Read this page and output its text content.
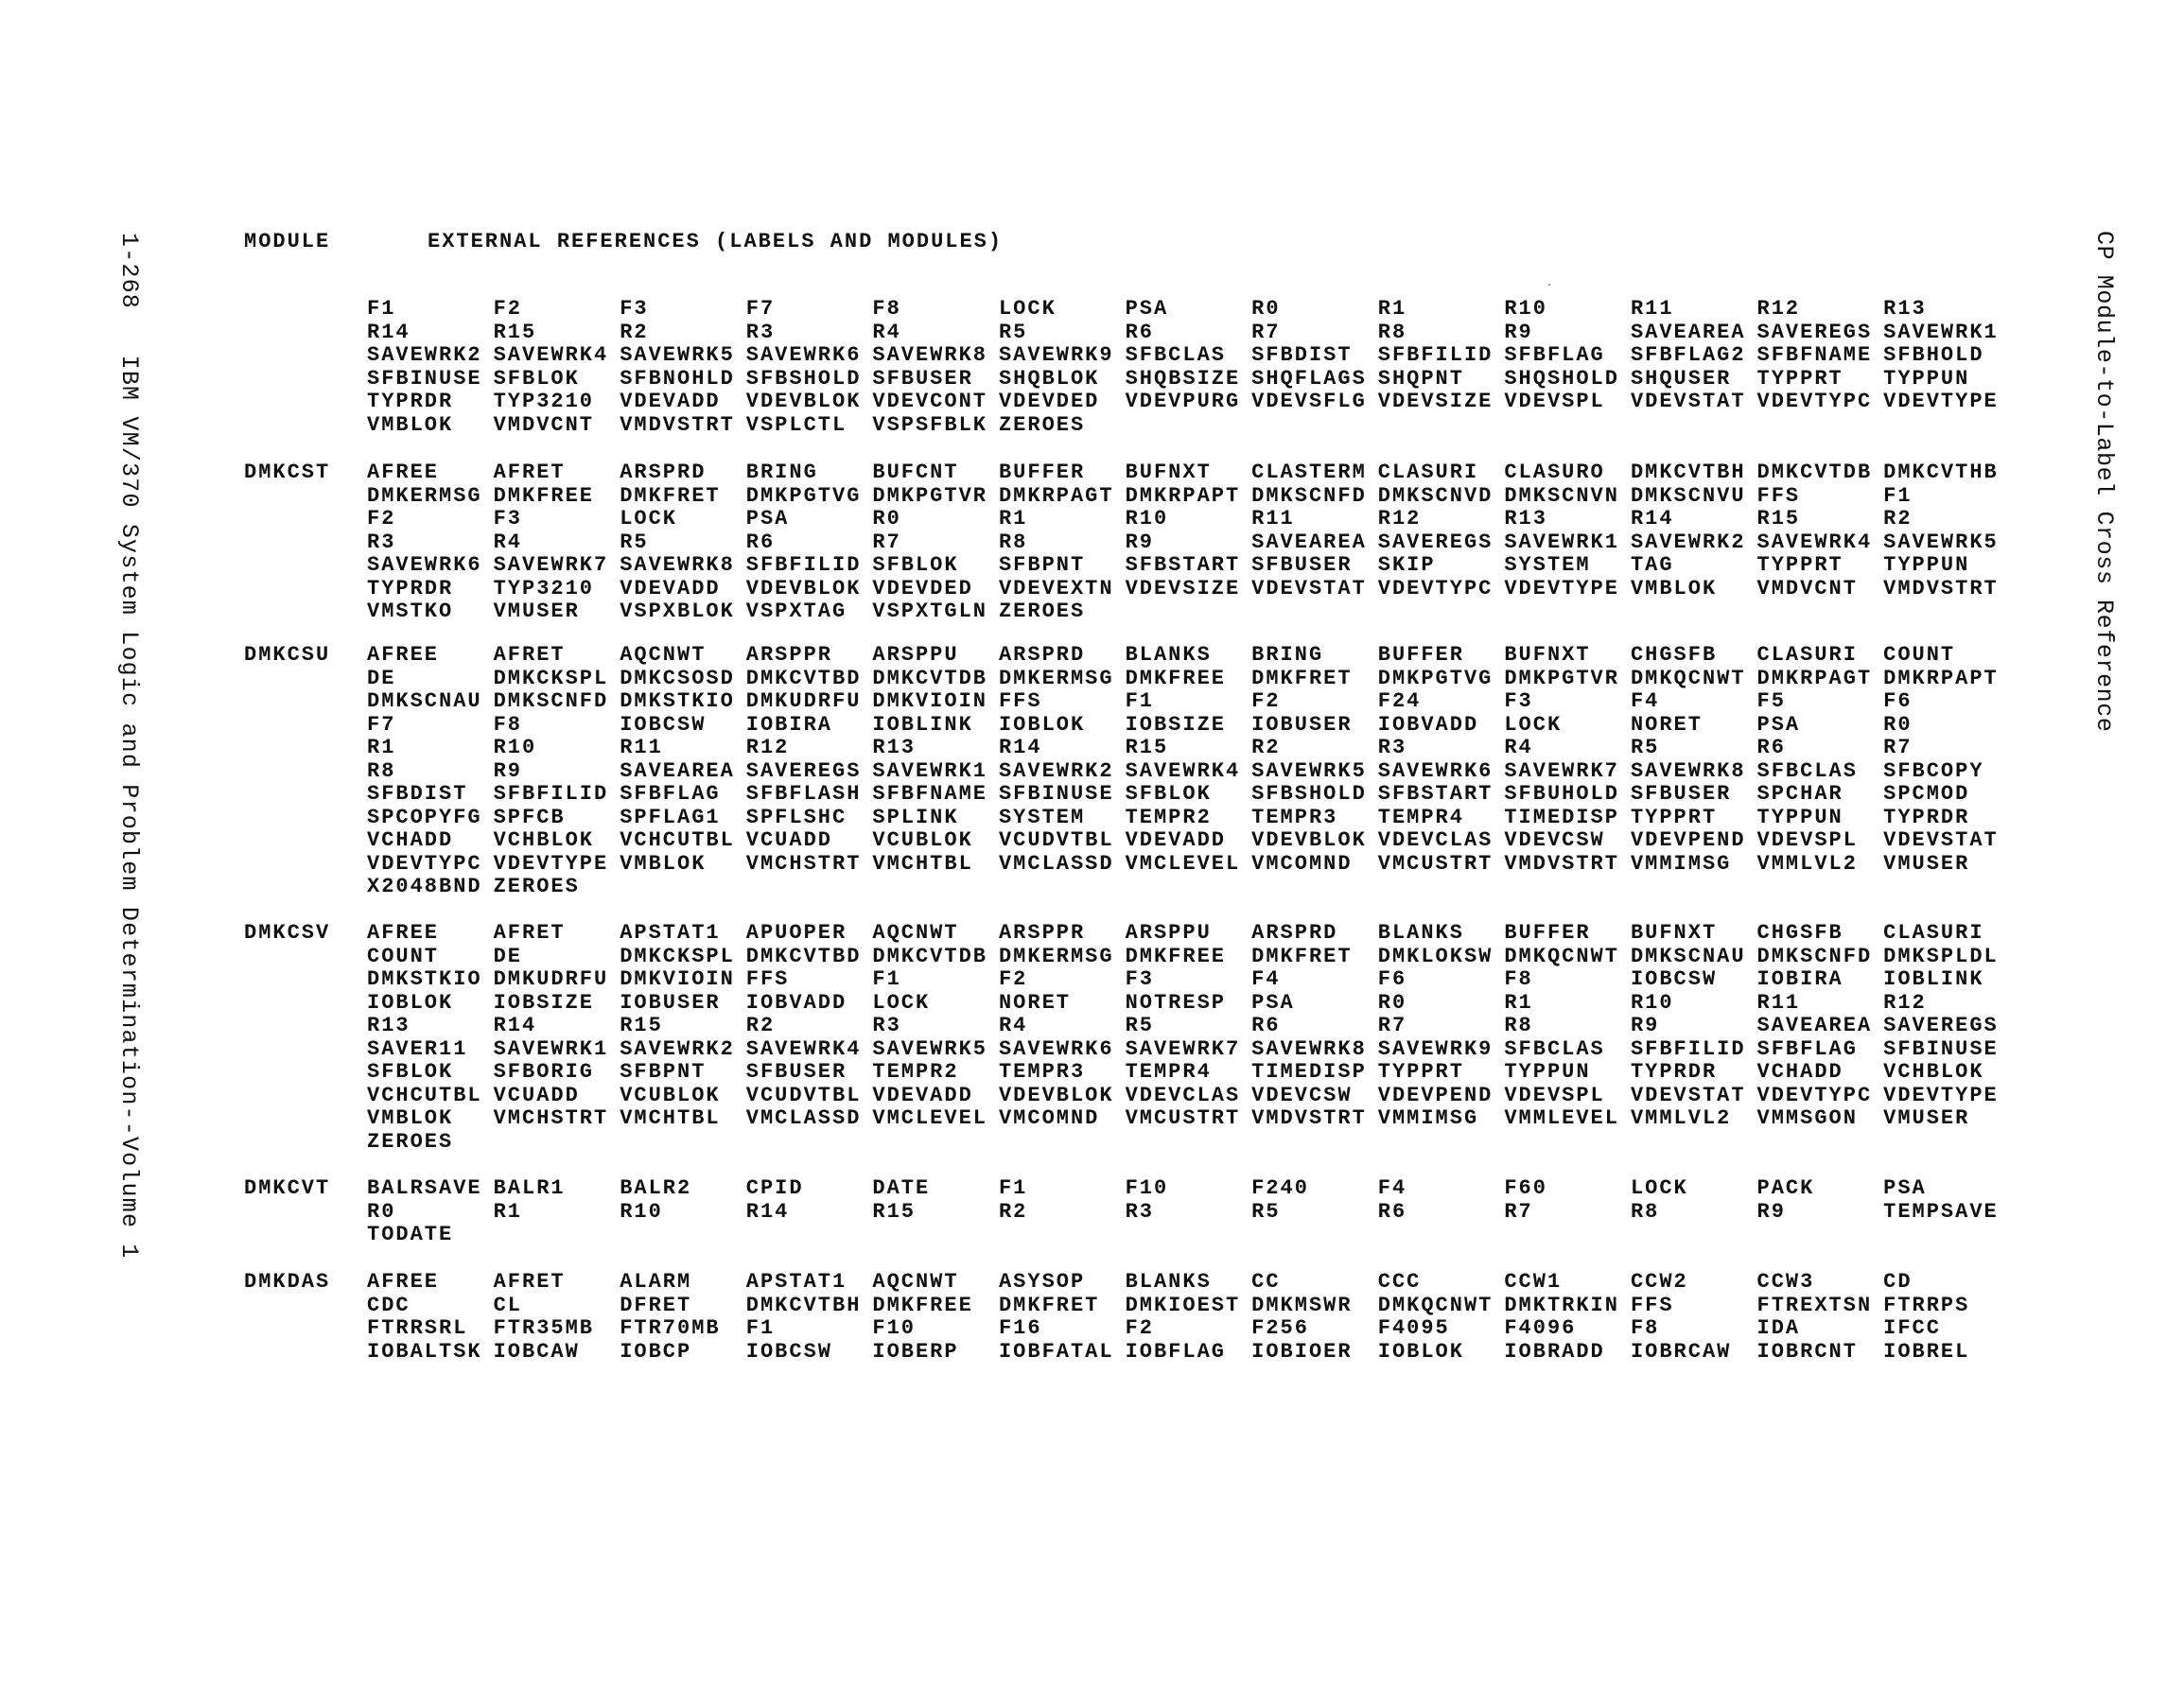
1-268   IBM VM/370 System Logic and Problem Determination--Volume 1	CP Module-to-Label Cross Reference
MODULE	EXTERNAL REFERENCES (LABELS AND MODULES)

F1	F2	F3	F7	F8	LOCK	PSA	R0	R1	R10	R11	R12	R13
R14	R15	R2	R3	R4	R5	R6	R7	R8	R9	SAVEAREA SAVEREGS SAVEWRK1
SAVEWRK2 SAVEWRK4 SAVEWRK5 SAVEWRK6 SAVEWRK8 SAVEWRK9 SFBCLAS	SFBDIST	SFBFILID SFBFLAG	SFBFLAG2 SFBFNAME SFBHOLD
SFBINUSE SFBLOK	SFBNOHLD SFBSHOLD SFBUSER	SHQBLOK	SHQBSIZE SHQFLAGS SHQPNT	SHQSHOLD SHQUSER	TYPPRT	TYPPUN
TYPRDR	TYP3210	VDEVADD	VDEVBLOK VDEVCONT VDEVDED	VDEVPURG VDEVSFLG VDEVSIZE VDEVSPL	VDEVSTAT VDEVTYPC VDEVTYPE
VMBLOK	VMDVCNT	VMDVSTRT VSPLCTL	VSPSFBLK ZEROES

DMKCST

AFREE	AFRET	ARSPRD	BRING	BUFCNT	BUFFER	BUFNXT	CLASTERM CLASURI	CLASURO	DMKCVTBH DMKCVTDB DMKCVTHB
DMKERMSG DMKFREE	DMKFRET	DMKPGTVG DMKPGTVR DMKRPAGT DMKRPAPT DMKSCNFD DMKSCNVD DMKSCNVN DMKSCNVU FFS	F1
F2	F3	LOCK	PSA	R0	R1	R10	R11	R12	R13	R14	R15	R2
R3	R4	R5	R6	R7	R8	R9	SAVEAREA SAVEREGS SAVEWRK1 SAVEWRK2 SAVEWRK4 SAVEWRK5
SAVEWRK6 SAVEWRK7 SAVEWRK8 SFBFILID SFBLOK	SFBPNT	SFBSTART SFBUSER	SKIP	SYSTEM	TAG	TYPPRT	TYPPUN
TYPRDR	TYP3210	VDEVADD	VDEVBLOK VDEVDED	VDEVEXTN VDEVSIZE VDEVSTAT VDEVTYPC VDEVTYPE VMBLOK	VMDVCNT	VMDVSTRT
VMSTKO	VMUSER	VSPXBLOK VSPXTAG	VSPXTGLN ZEROES

DMKCSU

AFREE	AFRET	AQCNWT	ARSPPR	ARSPPU	ARSPRD	BLANKS	BRING	BUFFER	BUFNXT	CHGSFB	CLASURI	COUNT
DE	DMKCKSPL DMKCSOSD DMKCVTBD DMKCVTDB DMKERMSG DMKFREE	DMKFRET	DMKPGTVG DMKPGTVR DMKQCNWT DMKRPAGT DMKRPAPT
DMKSCNAU DMKSCNFD DMKSTKIO DMKUDRFU DMKVIOIN FFS	F1	F2	F24	F3	F4	F5	F6
F7	F8	IOBCSW	IOBIRA	IOBLINK	IOBLOK	IOBSIZE	IOBUSER	IOBVADD	LOCK	NORET	PSA	R0
R1	R10	R11	R12	R13	R14	R15	R2	R3	R4	R5	R6	R7
R8	R9	SAVEAREA SAVEREGS SAVEWRK1 SAVEWRK2 SAVEWRK4 SAVEWRK5 SAVEWRK6 SAVEWRK7 SAVEWRK8 SFBCLAS	SFBCOPY
SFBDIST	SFBFILID SFBFLAG	SFBFLASH SFBFNAME SFBINUSE SFBLOK	SFBSHOLD SFBSTART SFBUHOLD SFBUSER	SPCHAR	SPCMOD
SPCOPYFG SPFCB	SPFLAG1	SPFLSHC	SPLINK	SYSTEM	TEMPR2	TEMPR3	TEMPR4	TIMEDISP TYPPRT	TYPPUN	TYPRDR
VCHADD	VCHBLOK	VCHCUTBL VCUADD	VCUBLOK	VCUDVTBL VDEVADD	VDEVBLOK VDEVCLAS VDEVCSW	VDEVPEND VDEVSPL	VDEVSTAT
VDEVTYPC VDEVTYPE VMBLOK	VMCHSTRT VMCHTBL	VMCLASSD VMCLEVEL VMCOMND	VMCUSTRT VMDVSTRT VMMIMSG	VMMLVL2	VMUSER
X2048BND ZEROES

DMKCSV

AFREE	AFRET	APSTAT1	APUOPER	AQCNWT	ARSPPR	ARSPPU	ARSPRD	BLANKS	BUFFER	BUFNXT	CHGSFB	CLASURI
COUNT	DE	DMKCKSPL DMKCVTBD DMKCVTDB DMKERMSG DMKFREE	DMKFRET	DMKLOKSW DMKQCNWT DMKSCNAU DMKSCNFD DMKSPLDL
DMKSTKIO DMKUDRFU DMKVIOIN FFS	F1	F2	F3	F4	F6	F8	IOBCSW	IOBIRA	IOBLINK
IOBLOK	IOBSIZE	IOBUSER	IOBVADD	LOCK	NORET	NOTRESP	PSA	R0	R1	R10	R11	R12
R13	R14	R15	R2	R3	R4	R5	R6	R7	R8	R9	SAVEAREA SAVEREGS
SAVER11	SAVEWRK1 SAVEWRK2 SAVEWRK4 SAVEWRK5 SAVEWRK6 SAVEWRK7 SAVEWRK8 SAVEWRK9 SFBCLAS	SFBFILID SFBFLAG	SFBINUSE
SFBLOK	SFBORIG	SFBPNT	SFBUSER	TEMPR2	TEMPR3	TEMPR4	TIMEDISP TYPPRT	TYPPUN	TYPRDR	VCHADD	VCHBLOK
VCHCUTBL VCUADD	VCUBLOK	VCUDVTBL VDEVADD	VDEVBLOK VDEVCLAS VDEVCSW	VDEVPEND VDEVSPL	VDEVSTAT VDEVTYPC VDEVTYPE
VMBLOK	VMCHSTRT VMCHTBL	VMCLASSD VMCLEVEL VMCOMND	VMCUSTRT VMDVSTRT VMMIMSG	VMMLEVEL VMMLVL2	VMMSGON	VMUSER
ZEROES

DMKCVT

BALRSAVE BALR1	BALR2	CPID	DATE	F1	F10	F240	F4	F60	LOCK	PACK	PSA
R0	R1	R10	R14	R15	R2	R3	R5	R6	R7	R8	R9	TEMPSAVE
TODATE

DMKDAS

AFREE	AFRET	ALARM	APSTAT1	AQCNWT	ASYSOP	BLANKS	CC	CCC	CCW1	CCW2	CCW3	CD
CDC	CL	DFRET	DMKCVTBH DMKFREE	DMKFRET	DMKIOEST DMKMSWR	DMKQCNWT DMKTRKIN FFS	FTREXTSN FTRRPS
FTRRSRL	FTR35MB	FTR70MB	F1	F10	F16	F2	F256	F4095	F4096	F8	IDA	IFCC
IOBALTSK IOBCAW	IOBCP	IOBCSW	IOBERP	IOBFATAL IOBFLAG	IOBIOER	IOBLOK	IOBRADD	IOBRCAW	IOBRCNT	IOBREL
